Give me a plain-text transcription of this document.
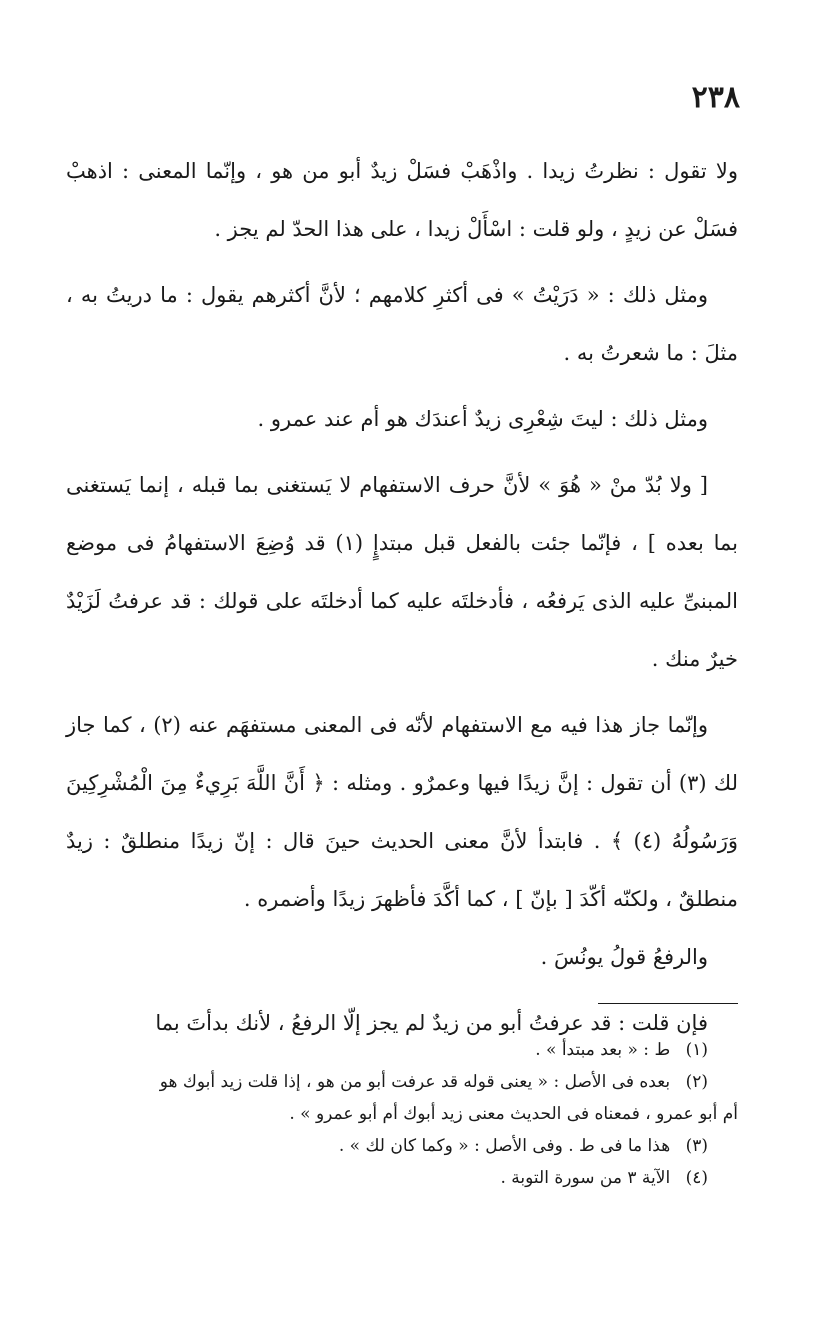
٢٣٨

ولا تقول : نظرتُ زيدا . واذْهَبْ فسَلْ زيدٌ أبو من هو ، وإنّما المعنى : اذهبْ فسَلْ عن زيدٍ ، ولو قلت : اسْأَلْ زيدا ، على هذا الحدّ لم يجز .

ومثل ذلك : « دَرَيْتُ » فى أكثرِ كلامهم ؛ لأنَّ أكثرهم يقول : ما دريتُ به ، مثلَ : ما شعرتُ به .

ومثل ذلك : ليتَ شِعْرِى زيدٌ أعندَك هو أم عند عمرو .

[ ولا بُدّ منْ « هُوَ » لأنَّ حرف الاستفهام لا يَستغنى بما قبله ، إنما يَستغنى بما بعده ] ، فإنّما جئت بالفعل قبل مبتدإٍ (١) قد وُضِعَ الاستفهامُ فى موضع المبنىِّ عليه الذى يَرفعُه ، فأدخلتَه عليه كما أدخلتَه على قولك : قد عرفتُ لَزَيْدٌ خيرٌ منك .

وإنّما جاز هذا فيه مع الاستفهام لأنّه فى المعنى مستفهَم عنه (٢) ، كما جاز لك (٣) أن تقول : إنَّ زيدًا فيها وعمرٌو . ومثله : ﴿ أَنَّ اللَّهَ بَرِيءٌ مِنَ الْمُشْرِكِينَ وَرَسُولُهُ (٤) ﴾ . فابتدأ لأنَّ معنى الحديث حينَ قال : إنّ زيدًا منطلقٌ : زيدٌ منطلقٌ ، ولكنّه أكّدَ [ بإنّ ] ، كما أكَّدَ فأظهرَ زيدًا وأضمره .

والرفعُ قولُ يونُسَ .

فإن قلت : قد عرفتُ أبو من زيدٌ لم يجز إلّا الرفعُ ، لأنك بدأتَ بما

(١) ط : « بعد مبتدأ » .

(٢) بعده فى الأصل : « يعنى قوله قد عرفت أبو من هو ، إذا قلت زيد أبوك هو

أم أبو عمرو ، فمعناه فى الحديث معنى زيد أبوك أم أبو عمرو » .

(٣) هذا ما فى ط . وفى الأصل : « وكما كان لك » .

(٤) الآية ٣ من سورة التوبة .
